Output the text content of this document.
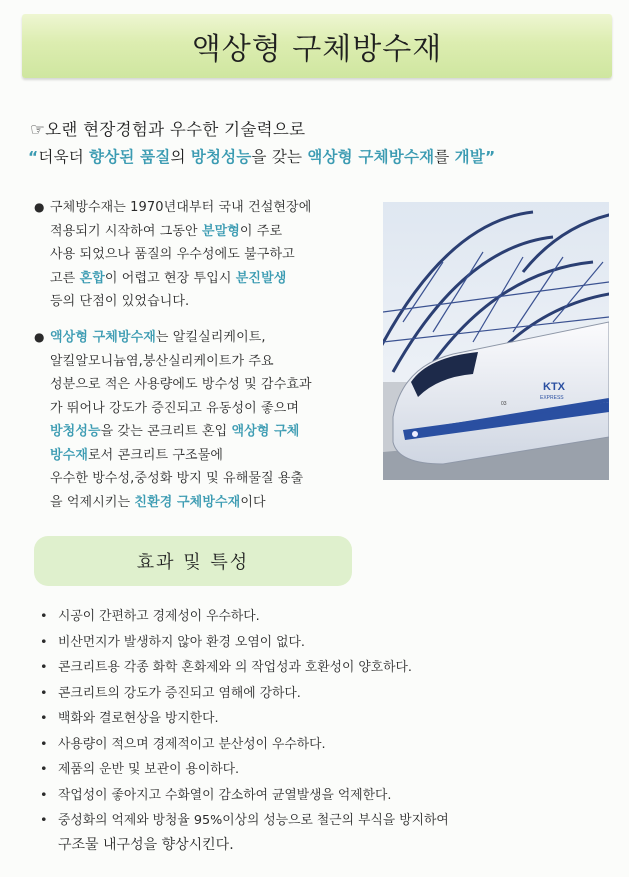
액상형 구체방수재
☞오랜 현장경험과 우수한 기술력으로
“더욱더 향상된 품질의 방청성능을 갖는 액상형 구체방수재를 개발”
● 구체방수재는 1970년대부터 국내 건설현장에
적용되기 시작하여 그동안 분말형이 주로
사용 되었으나 품질의 우수성에도 불구하고
고른 혼합이 어렵고 현장 투입시 분진발생
등의 단점이 있었습니다.
● 액상형 구체방수재는 알킬실리케이트,
알킬알모니늄염,붕산실리케이트가 주요
성분으로 적은 사용량에도 방수성 및 감수효과
가 뛰어나 강도가 증진되고 유동성이 좋으며
방청성능을 갖는 콘크리트 혼입 액상형 구체
방수재로서 콘크리트 구조물에
우수한 방수성,중성화 방지 및 유해물질 용출
을 억제시키는 친환경 구체방수재이다
KTX
EXPRESS
03
효과 및 특성
• 시공이 간편하고 경제성이 우수하다.
• 비산먼지가 발생하지 않아 환경 오염이 없다.
• 콘크리트용 각종 화학 혼화제와 의 작업성과 호환성이 양호하다.
• 콘크리트의 강도가 증진되고 염해에 강하다.
• 백화와 결로현상을 방지한다.
• 사용량이 적으며 경제적이고 분산성이 우수하다.
• 제품의 운반 및 보관이 용이하다.
• 작업성이 좋아지고 수화열이 감소하여 균열발생을 억제한다.
• 중성화의 억제와 방청율 95%이상의 성능으로 철근의 부식을 방지하여
구조물 내구성을 향상시킨다.
